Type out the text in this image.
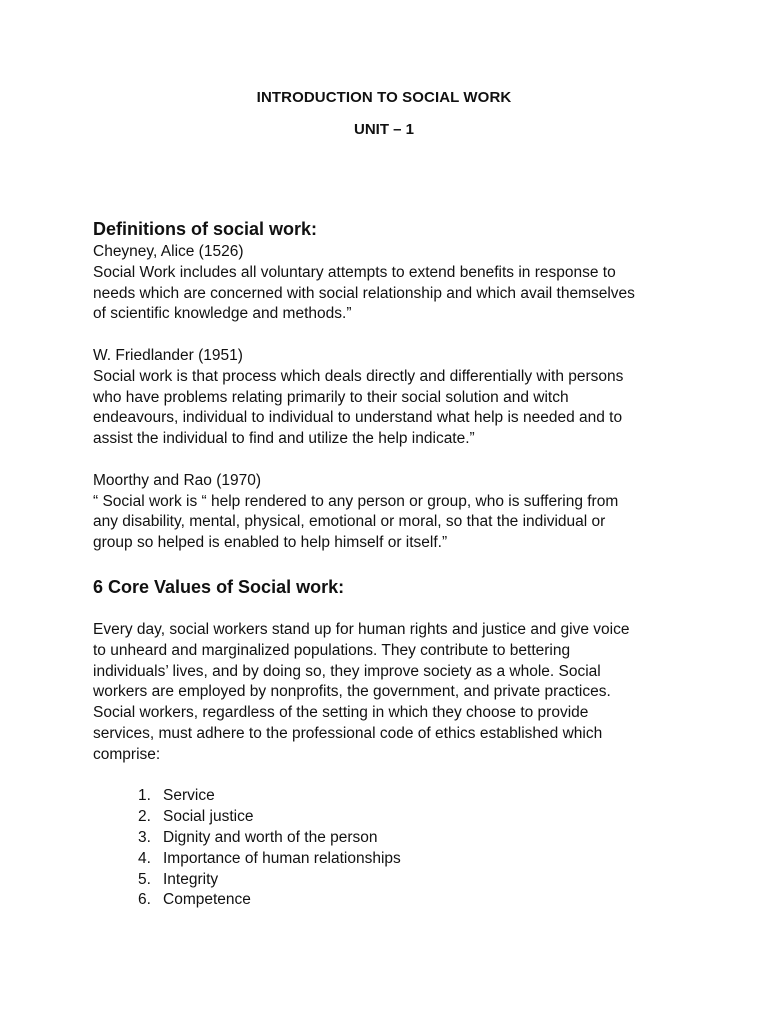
INTRODUCTION TO SOCIAL WORK
UNIT – 1

Definitions of social work:

Cheyney, Alice (1526)

Social Work includes all voluntary attempts to extend benefits in response to

needs which are concerned with social relationship and which avail themselves

of scientific knowledge and methods.”

W. Friedlander (1951)

Social work is that process which deals directly and differentially with persons

who have problems relating primarily to their social solution and witch

endeavours, individual to individual to understand what help is needed and to

assist the individual to find and utilize the help indicate.”

Moorthy and Rao (1970)

“ Social work is “ help rendered to any person or group, who is suffering from

any disability, mental, physical, emotional or moral, so that the individual or

group so helped is enabled to help himself or itself.”

6 Core Values of Social work:

Every day, social workers stand up for human rights and justice and give voice

to unheard and marginalized populations. They contribute to bettering

individuals’ lives, and by doing so, they improve society as a whole. Social

workers are employed by nonprofits, the government, and private practices.

Social workers, regardless of the setting in which they choose to provide

services, must adhere to the professional code of ethics established which

comprise:

1. Service
2. Social justice
3. Dignity and worth of the person
4. Importance of human relationships
5. Integrity
6. Competence
